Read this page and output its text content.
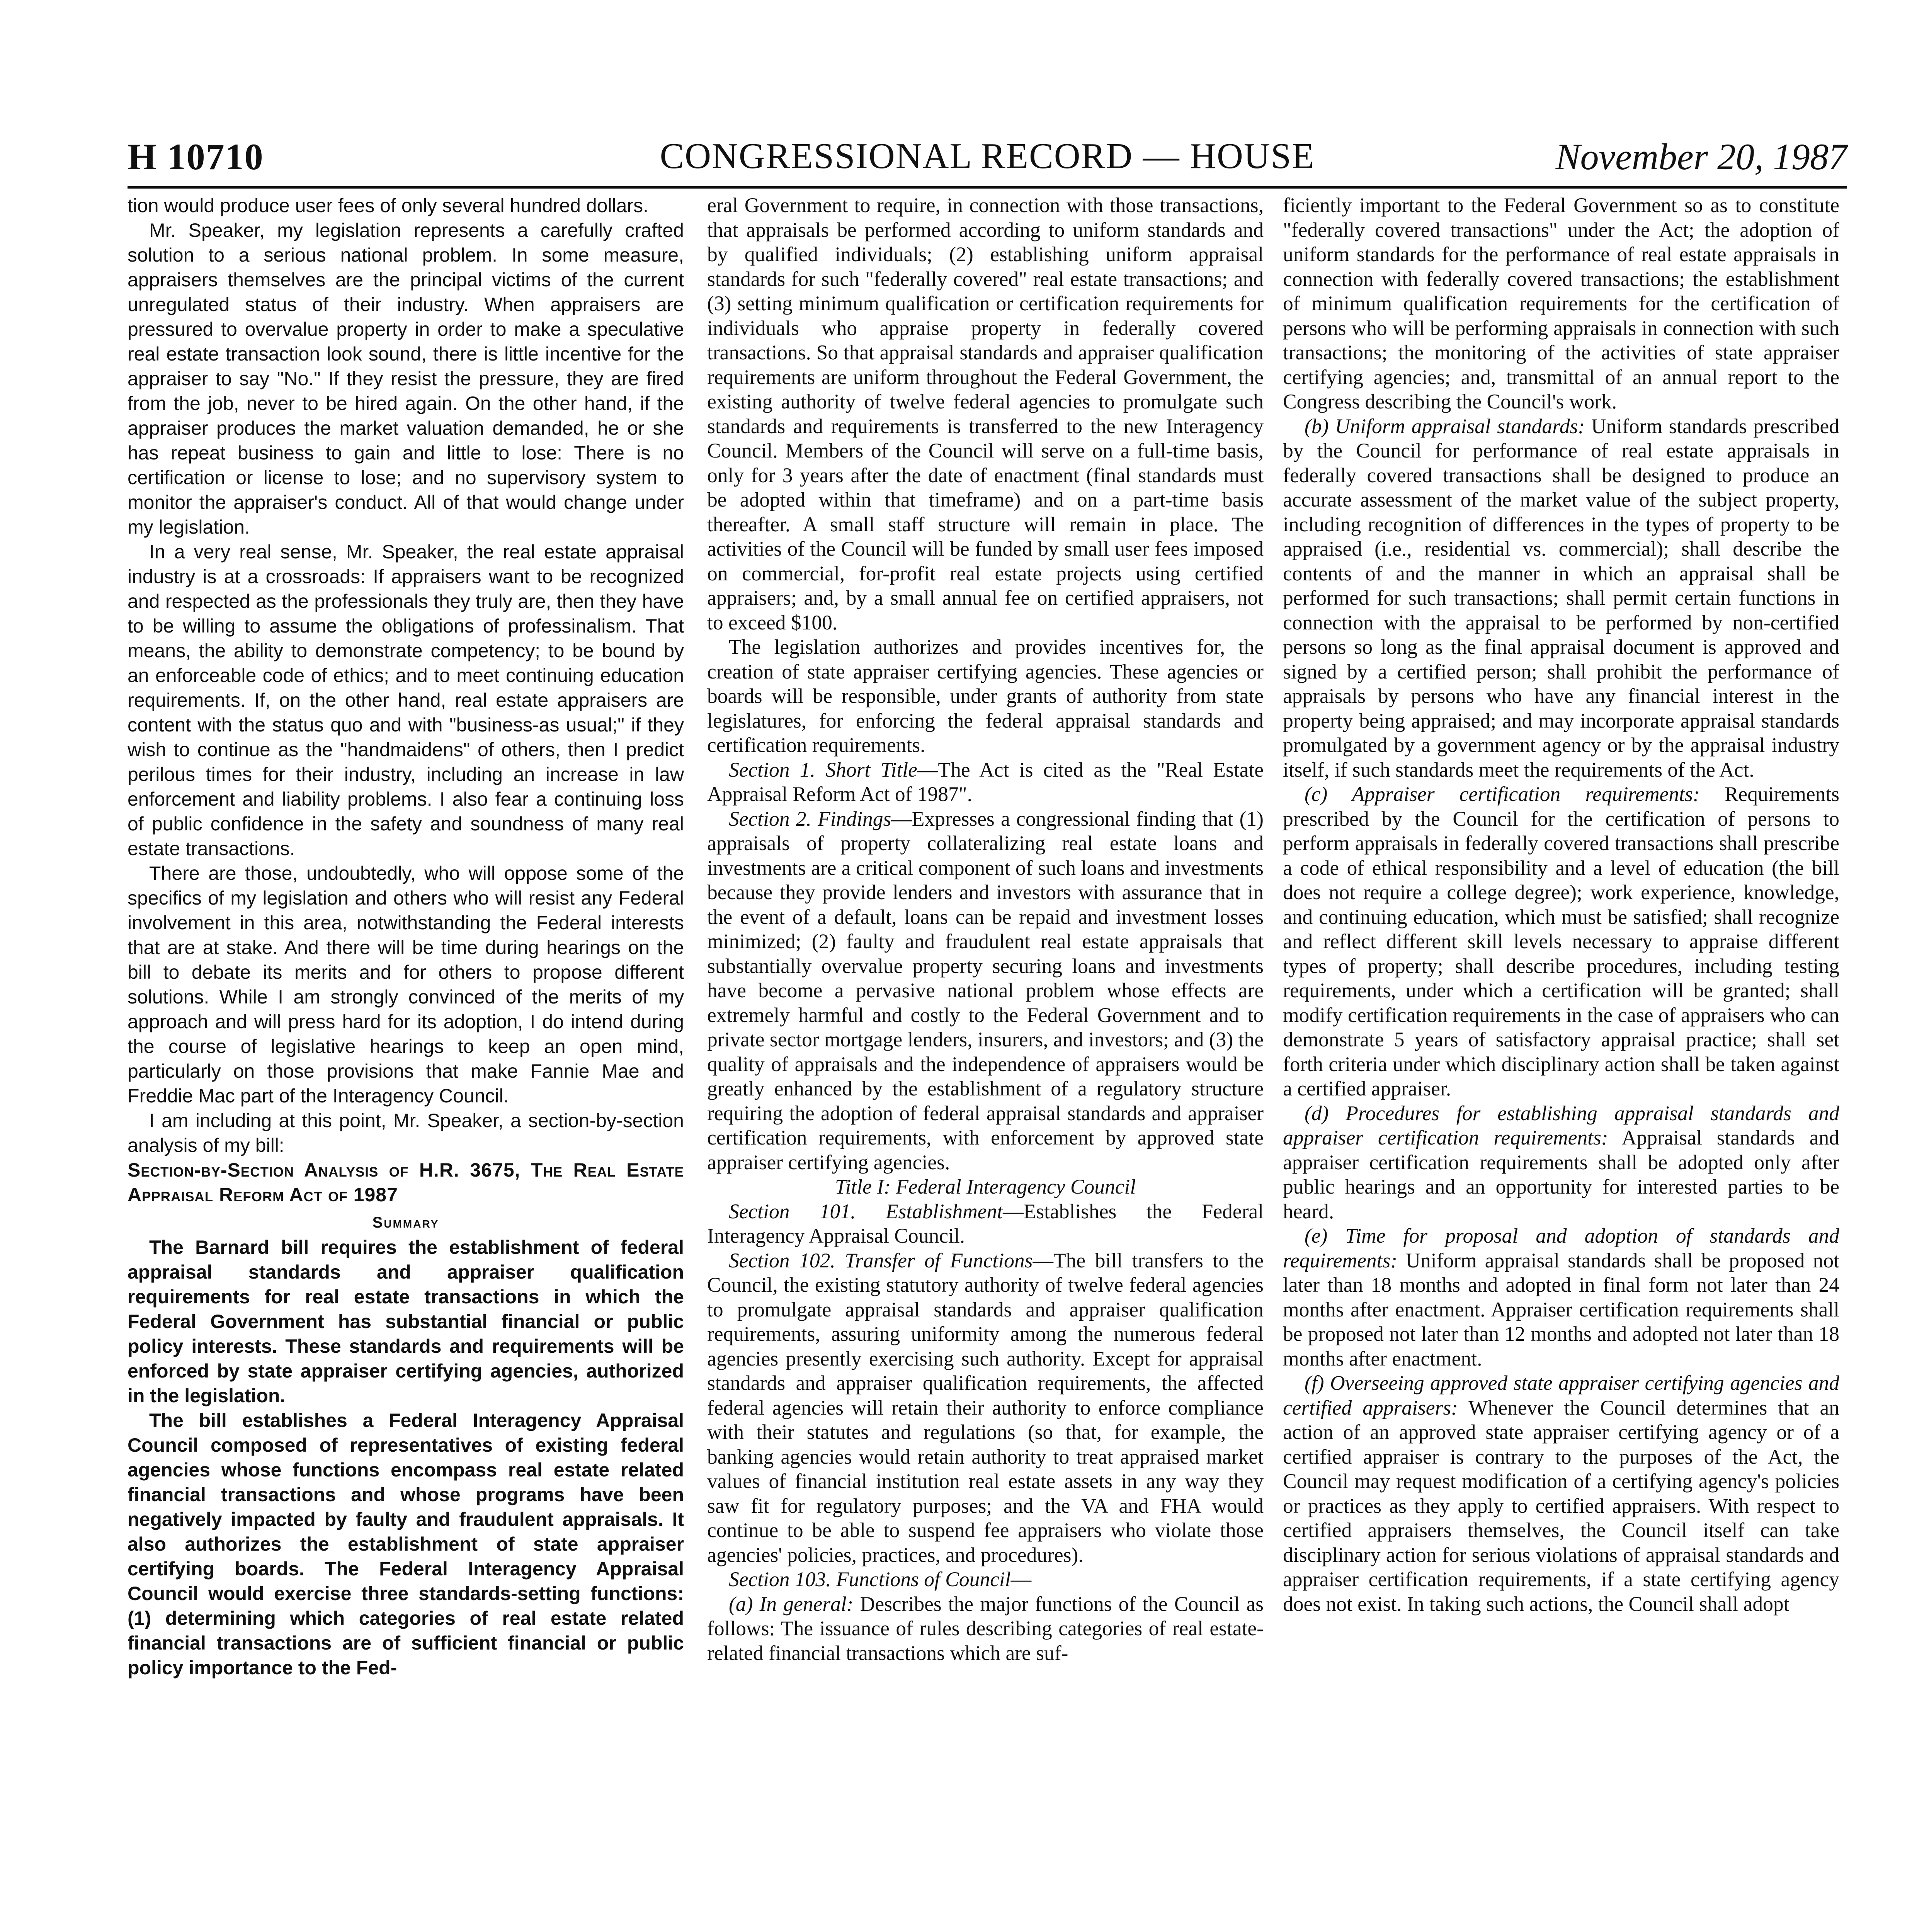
H 10710	CONGRESSIONAL RECORD — HOUSE	November 20, 1987

tion would produce user fees of only several hundred dollars.

Mr. Speaker, my legislation represents a carefully crafted solution to a serious national problem. In some measure, appraisers themselves are the principal victims of the current unregulated status of their industry. When appraisers are pressured to overvalue property in order to make a speculative real estate transaction look sound, there is little incentive for the appraiser to say "No." If they resist the pressure, they are fired from the job, never to be hired again. On the other hand, if the appraiser produces the market valuation demanded, he or she has repeat business to gain and little to lose: There is no certification or license to lose; and no supervisory system to monitor the appraiser's conduct. All of that would change under my legislation.

In a very real sense, Mr. Speaker, the real estate appraisal industry is at a crossroads: If appraisers want to be recognized and respected as the professionals they truly are, then they have to be willing to assume the obligations of professinalism. That means, the ability to demonstrate competency; to be bound by an enforceable code of ethics; and to meet continuing education requirements. If, on the other hand, real estate appraisers are content with the status quo and with "business-as usual;" if they wish to continue as the "handmaidens" of others, then I predict perilous times for their industry, including an increase in law enforcement and liability problems. I also fear a continuing loss of public confidence in the safety and soundness of many real estate transactions.

There are those, undoubtedly, who will oppose some of the specifics of my legislation and others who will resist any Federal involvement in this area, notwithstanding the Federal interests that are at stake. And there will be time during hearings on the bill to debate its merits and for others to propose different solutions. While I am strongly convinced of the merits of my approach and will press hard for its adoption, I do intend during the course of legislative hearings to keep an open mind, particularly on those provisions that make Fannie Mae and Freddie Mac part of the Interagency Council.

I am including at this point, Mr. Speaker, a section-by-section analysis of my bill:

Section-by-Section Analysis of H.R. 3675, The Real Estate Appraisal Reform Act of 1987

Summary

The Barnard bill requires the establishment of federal appraisal standards and appraiser qualification requirements for real estate transactions in which the Federal Government has substantial financial or public policy interests. These standards and requirements will be enforced by state appraiser certifying agencies, authorized in the legislation.

The bill establishes a Federal Interagency Appraisal Council composed of representatives of existing federal agencies whose functions encompass real estate related financial transactions and whose programs have been negatively impacted by faulty and fraudulent appraisals. It also authorizes the establishment of state appraiser certifying boards. The Federal Interagency Appraisal Council would exercise three standards-setting functions: (1) determining which categories of real estate related financial transactions are of sufficient financial or public policy importance to the Fed-

eral Government to require, in connection with those transactions, that appraisals be performed according to uniform standards and by qualified individuals; (2) establishing uniform appraisal standards for such "federally covered" real estate transactions; and (3) setting minimum qualification or certification requirements for individuals who appraise property in federally covered transactions. So that appraisal standards and appraiser qualification requirements are uniform throughout the Federal Government, the existing authority of twelve federal agencies to promulgate such standards and requirements is transferred to the new Interagency Council. Members of the Council will serve on a full-time basis, only for 3 years after the date of enactment (final standards must be adopted within that timeframe) and on a part-time basis thereafter. A small staff structure will remain in place. The activities of the Council will be funded by small user fees imposed on commercial, for-profit real estate projects using certified appraisers; and, by a small annual fee on certified appraisers, not to exceed $100.

The legislation authorizes and provides incentives for, the creation of state appraiser certifying agencies. These agencies or boards will be responsible, under grants of authority from state legislatures, for enforcing the federal appraisal standards and certification requirements.

Section 1. Short Title—The Act is cited as the "Real Estate Appraisal Reform Act of 1987".

Section 2. Findings—Expresses a congressional finding that (1) appraisals of property collateralizing real estate loans and investments are a critical component of such loans and investments because they provide lenders and investors with assurance that in the event of a default, loans can be repaid and investment losses minimized; (2) faulty and fraudulent real estate appraisals that substantially overvalue property securing loans and investments have become a pervasive national problem whose effects are extremely harmful and costly to the Federal Government and to private sector mortgage lenders, insurers, and investors; and (3) the quality of appraisals and the independence of appraisers would be greatly enhanced by the establishment of a regulatory structure requiring the adoption of federal appraisal standards and appraiser certification requirements, with enforcement by approved state appraiser certifying agencies.

Title I: Federal Interagency Council

Section 101. Establishment—Establishes the Federal Interagency Appraisal Council.

Section 102. Transfer of Functions—The bill transfers to the Council, the existing statutory authority of twelve federal agencies to promulgate appraisal standards and appraiser qualification requirements, assuring uniformity among the numerous federal agencies presently exercising such authority. Except for appraisal standards and appraiser qualification requirements, the affected federal agencies will retain their authority to enforce compliance with their statutes and regulations (so that, for example, the banking agencies would retain authority to treat appraised market values of financial institution real estate assets in any way they saw fit for regulatory purposes; and the VA and FHA would continue to be able to suspend fee appraisers who violate those agencies' policies, practices, and procedures).

Section 103. Functions of Council—

(a) In general: Describes the major functions of the Council as follows: The issuance of rules describing categories of real estate-related financial transactions which are suf-

ficiently important to the Federal Government so as to constitute "federally covered transactions" under the Act; the adoption of uniform standards for the performance of real estate appraisals in connection with federally covered transactions; the establishment of minimum qualification requirements for the certification of persons who will be performing appraisals in connection with such transactions; the monitoring of the activities of state appraiser certifying agencies; and, transmittal of an annual report to the Congress describing the Council's work.

(b) Uniform appraisal standards: Uniform standards prescribed by the Council for performance of real estate appraisals in federally covered transactions shall be designed to produce an accurate assessment of the market value of the subject property, including recognition of differences in the types of property to be appraised (i.e., residential vs. commercial); shall describe the contents of and the manner in which an appraisal shall be performed for such transactions; shall permit certain functions in connection with the appraisal to be performed by non-certified persons so long as the final appraisal document is approved and signed by a certified person; shall prohibit the performance of appraisals by persons who have any financial interest in the property being appraised; and may incorporate appraisal standards promulgated by a government agency or by the appraisal industry itself, if such standards meet the requirements of the Act.

(c) Appraiser certification requirements: Requirements prescribed by the Council for the certification of persons to perform appraisals in federally covered transactions shall prescribe a code of ethical responsibility and a level of education (the bill does not require a college degree); work experience, knowledge, and continuing education, which must be satisfied; shall recognize and reflect different skill levels necessary to appraise different types of property; shall describe procedures, including testing requirements, under which a certification will be granted; shall modify certification requirements in the case of appraisers who can demonstrate 5 years of satisfactory appraisal practice; shall set forth criteria under which disciplinary action shall be taken against a certified appraiser.

(d) Procedures for establishing appraisal standards and appraiser certification requirements: Appraisal standards and appraiser certification requirements shall be adopted only after public hearings and an opportunity for interested parties to be heard.

(e) Time for proposal and adoption of standards and requirements: Uniform appraisal standards shall be proposed not later than 18 months and adopted in final form not later than 24 months after enactment. Appraiser certification requirements shall be proposed not later than 12 months and adopted not later than 18 months after enactment.

(f) Overseeing approved state appraiser certifying agencies and certified appraisers: Whenever the Council determines that an action of an approved state appraiser certifying agency or of a certified appraiser is contrary to the purposes of the Act, the Council may request modification of a certifying agency's policies or practices as they apply to certified appraisers. With respect to certified appraisers themselves, the Council itself can take disciplinary action for serious violations of appraisal standards and appraiser certification requirements, if a state certifying agency does not exist. In taking such actions, the Council shall adopt
